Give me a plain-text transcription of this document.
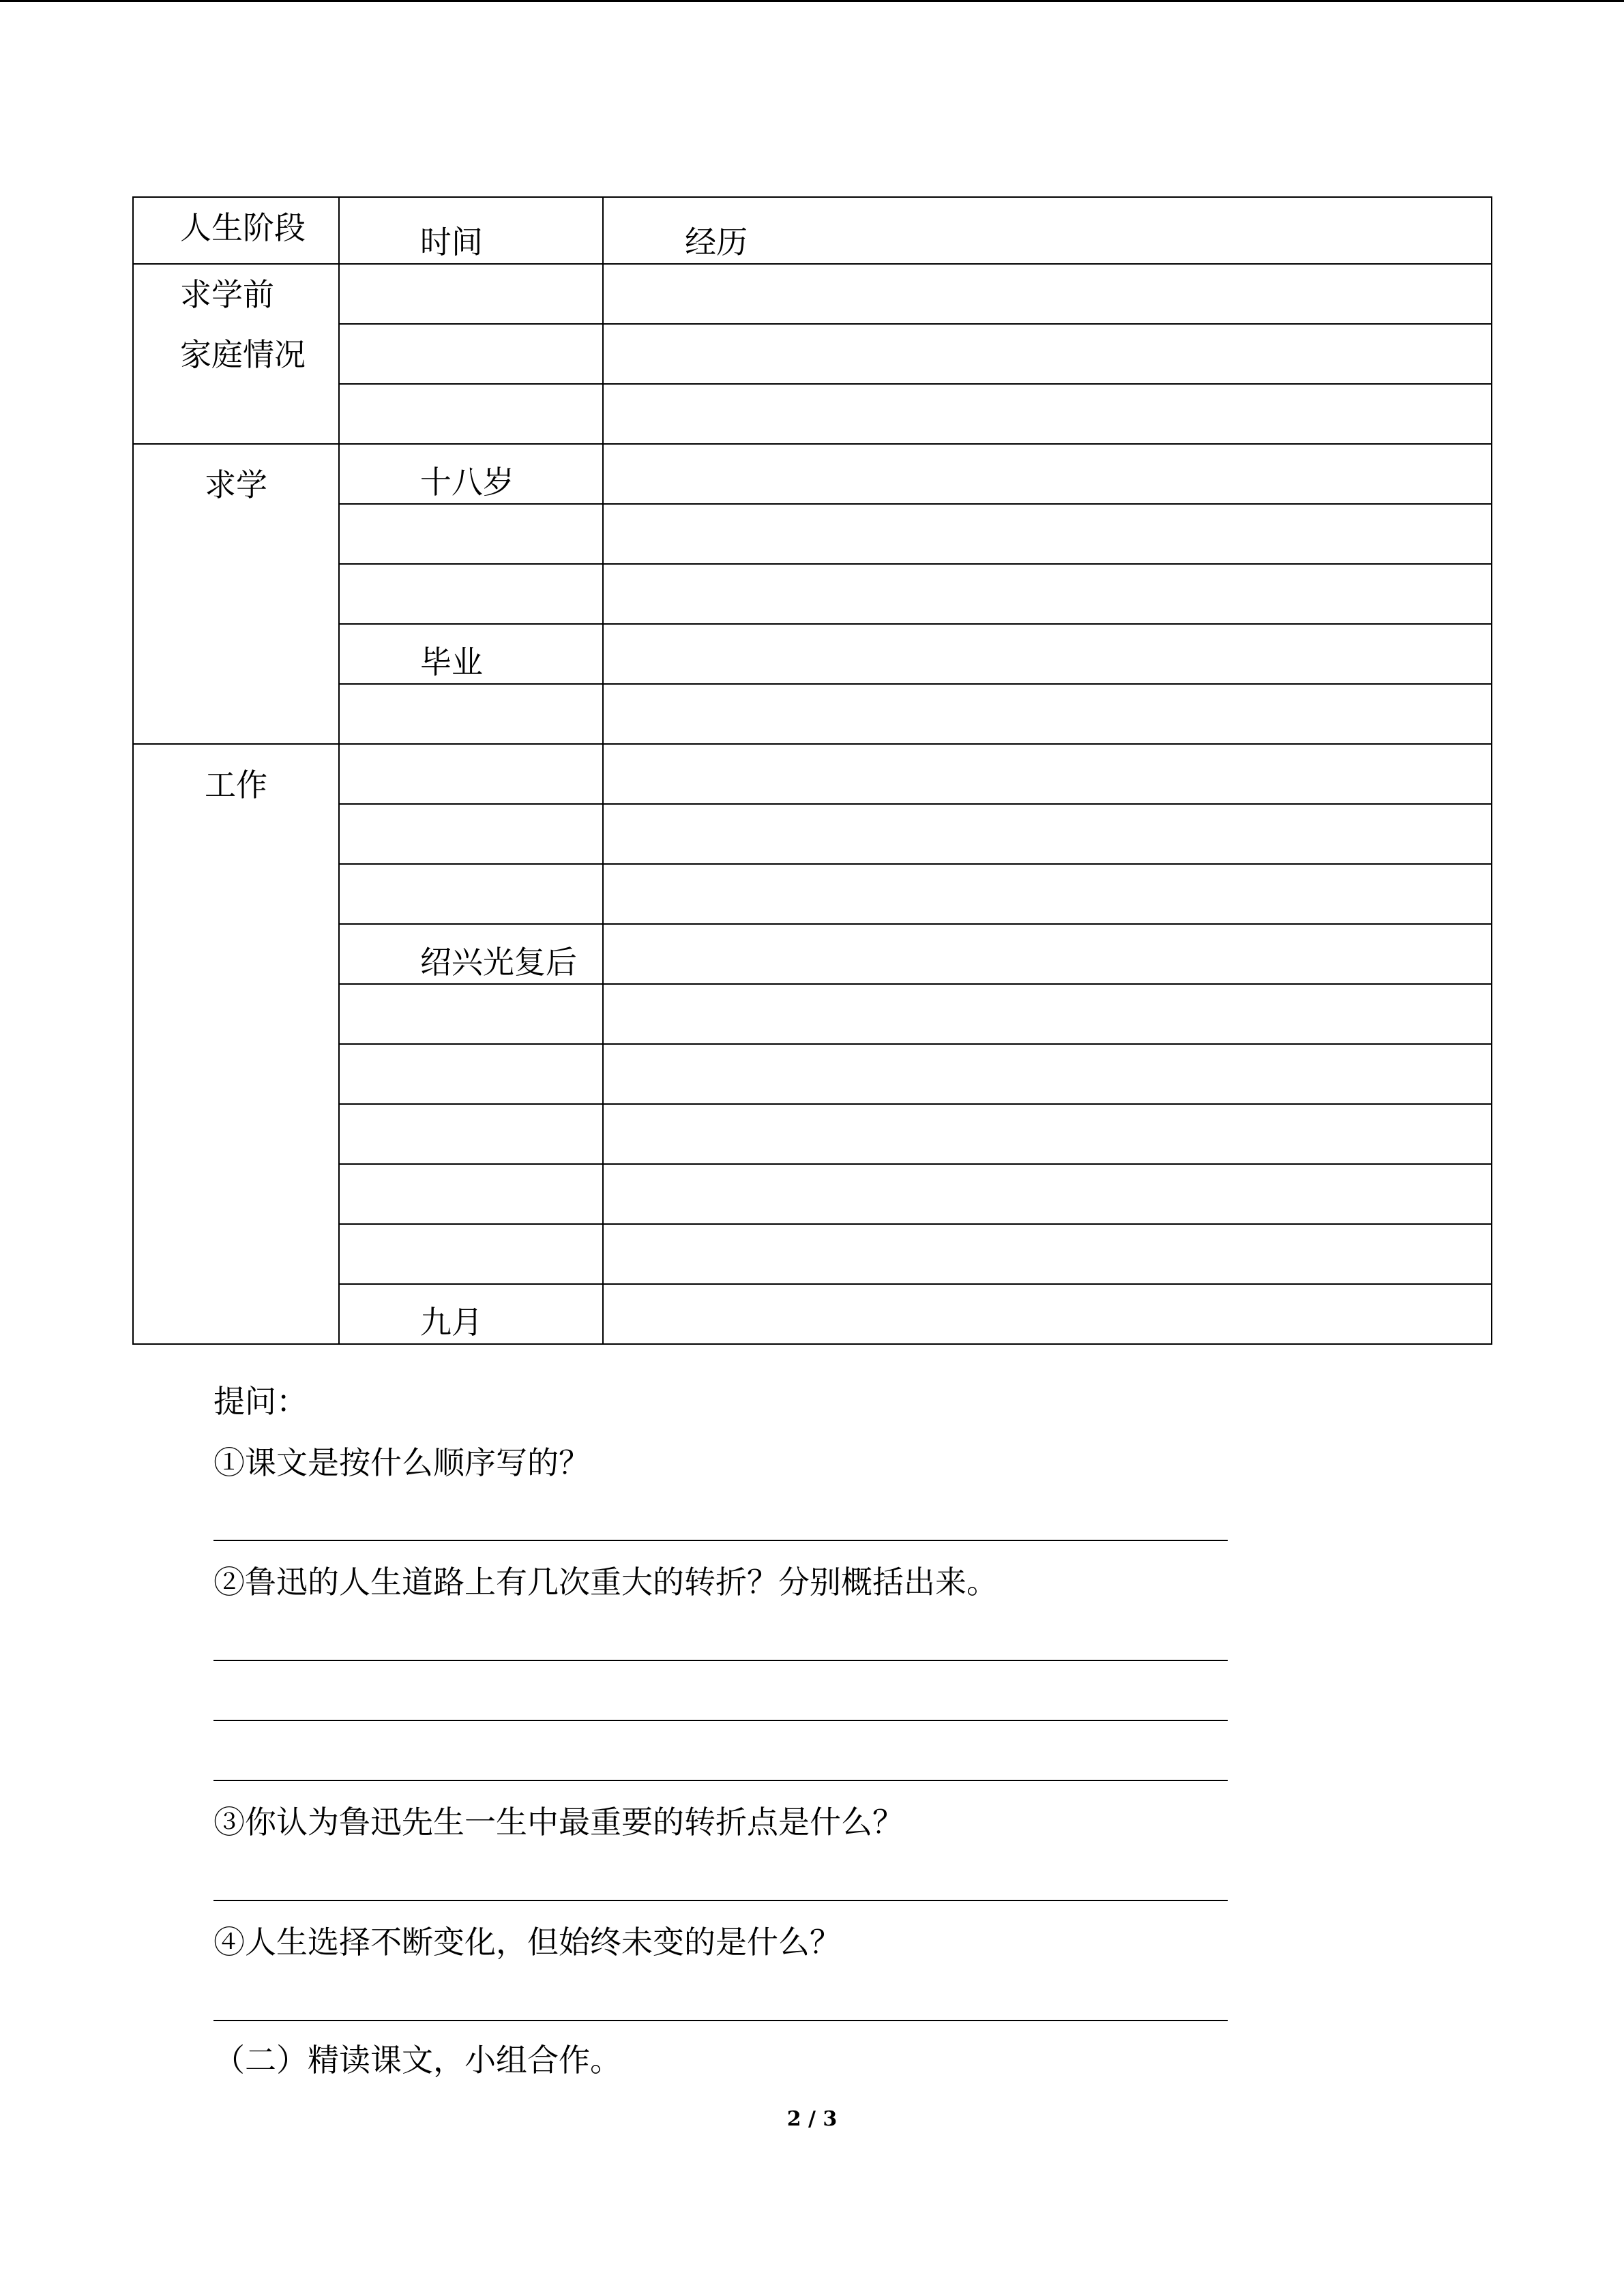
人生阶段	时间	经历

求学前
家庭情况		

求学	十八岁	

	毕业	

工作		

	绍兴光复后	

	九月	

提问：
①课文是按什么顺序写的？
②鲁迅的人生道路上有几次重大的转折？分别概括出来。
③你认为鲁迅先生一生中最重要的转折点是什么？
④人生选择不断变化，但始终未变的是什么？
（二）精读课文，小组合作。
2 / 3
